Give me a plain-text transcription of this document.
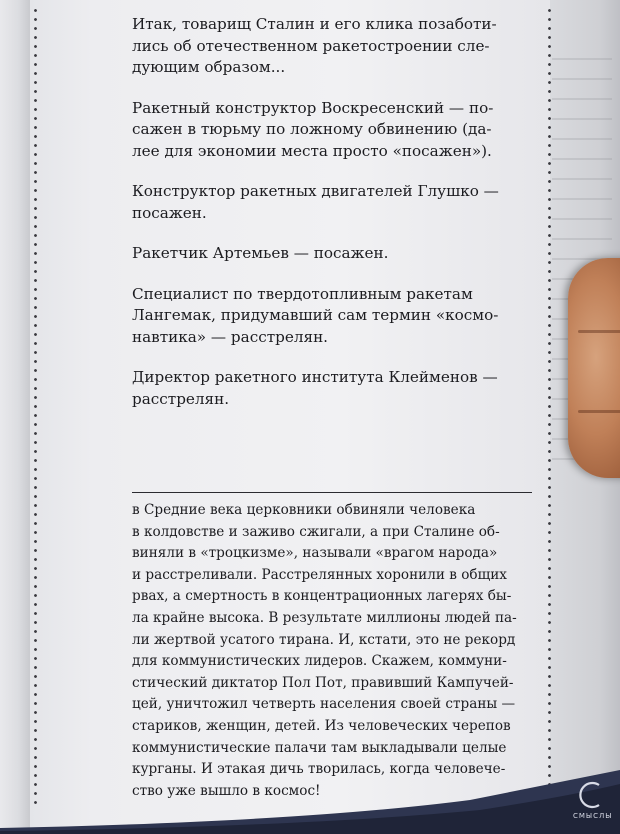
Итак, товарищ Сталин и его клика позаботи-
лись об отечественном ракетостроении сле-
дующим образом...

Ракетный конструктор Воскресенский — по-
сажен в тюрьму по ложному обвинению (да-
лее для экономии места просто «посажен»).

Конструктор ракетных двигателей Глушко —
посажен.

Ракетчик Артемьев — посажен.

Специалист по твердотопливным ракетам
Лангемак, придумавший сам термин «космо-
навтика» — расстрелян.

Директор ракетного института Клейменов —
расстрелян.

в Средние века церковники обвиняли человека
в колдовстве и заживо сжигали, а при Сталине об-
виняли в «троцкизме», называли «врагом народа»
и расстреливали. Расстрелянных хоронили в общих
рвах, а смертность в концентрационных лагерях бы-
ла крайне высока. В результате миллионы людей па-
ли жертвой усатого тирана. И, кстати, это не рекорд
для коммунистических лидеров. Скажем, коммуни-
стический диктатор Пол Пот, правивший Кампучей-
цей, уничтожил четверть населения своей страны —
стариков, женщин, детей. Из человеческих черепов
коммунистические палачи там выкладывали целые
курганы. И этакая дичь творилась, когда человече-
ство уже вышло в космос!
СМЫСЛЫ
